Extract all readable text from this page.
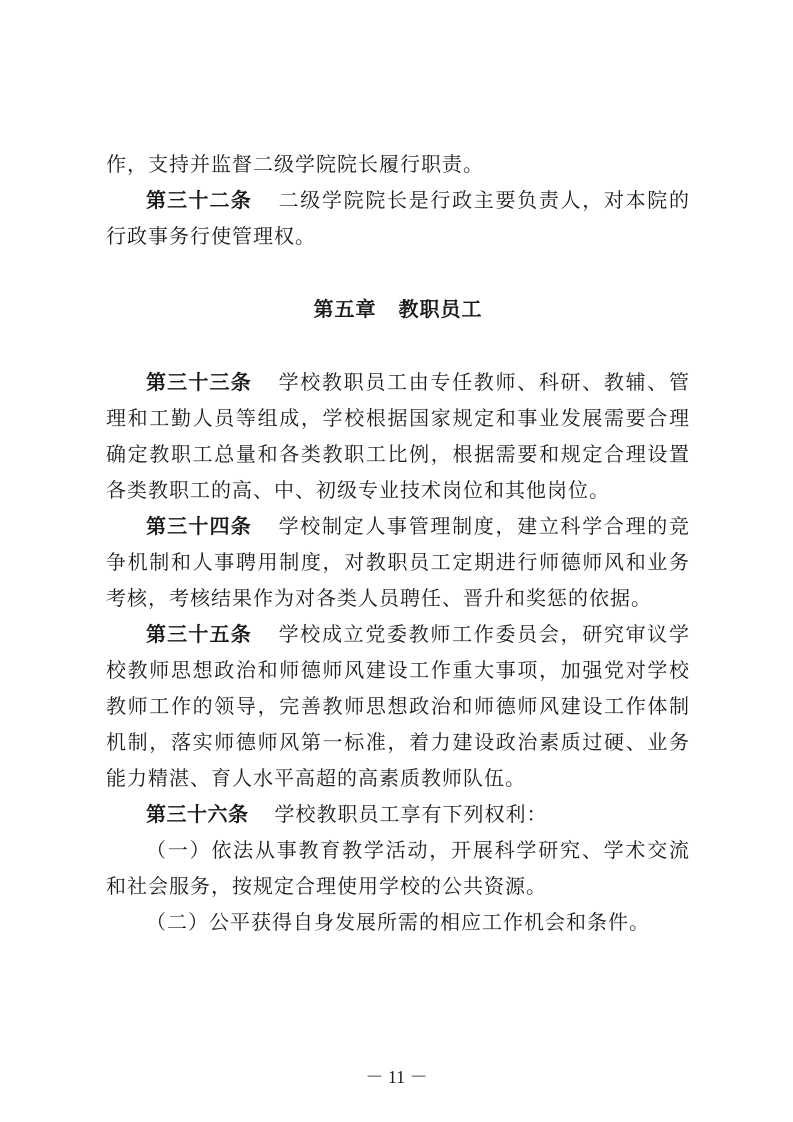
作，支持并监督二级学院院长履行职责。

第三十二条 二级学院院长是行政主要负责人，对本院的行政事务行使管理权。

第五章 教职员工

第三十三条 学校教职员工由专任教师、科研、教辅、管理和工勤人员等组成，学校根据国家规定和事业发展需要合理确定教职工总量和各类教职工比例，根据需要和规定合理设置各类教职工的高、中、初级专业技术岗位和其他岗位。

第三十四条 学校制定人事管理制度，建立科学合理的竞争机制和人事聘用制度，对教职员工定期进行师德师风和业务考核，考核结果作为对各类人员聘任、晋升和奖惩的依据。

第三十五条 学校成立党委教师工作委员会，研究审议学校教师思想政治和师德师风建设工作重大事项，加强党对学校教师工作的领导，完善教师思想政治和师德师风建设工作体制机制，落实师德师风第一标准，着力建设政治素质过硬、业务能力精湛、育人水平高超的高素质教师队伍。

第三十六条 学校教职员工享有下列权利：

（一）依法从事教育教学活动，开展科学研究、学术交流和社会服务，按规定合理使用学校的公共资源。

（二）公平获得自身发展所需的相应工作机会和条件。

－ 11 －
